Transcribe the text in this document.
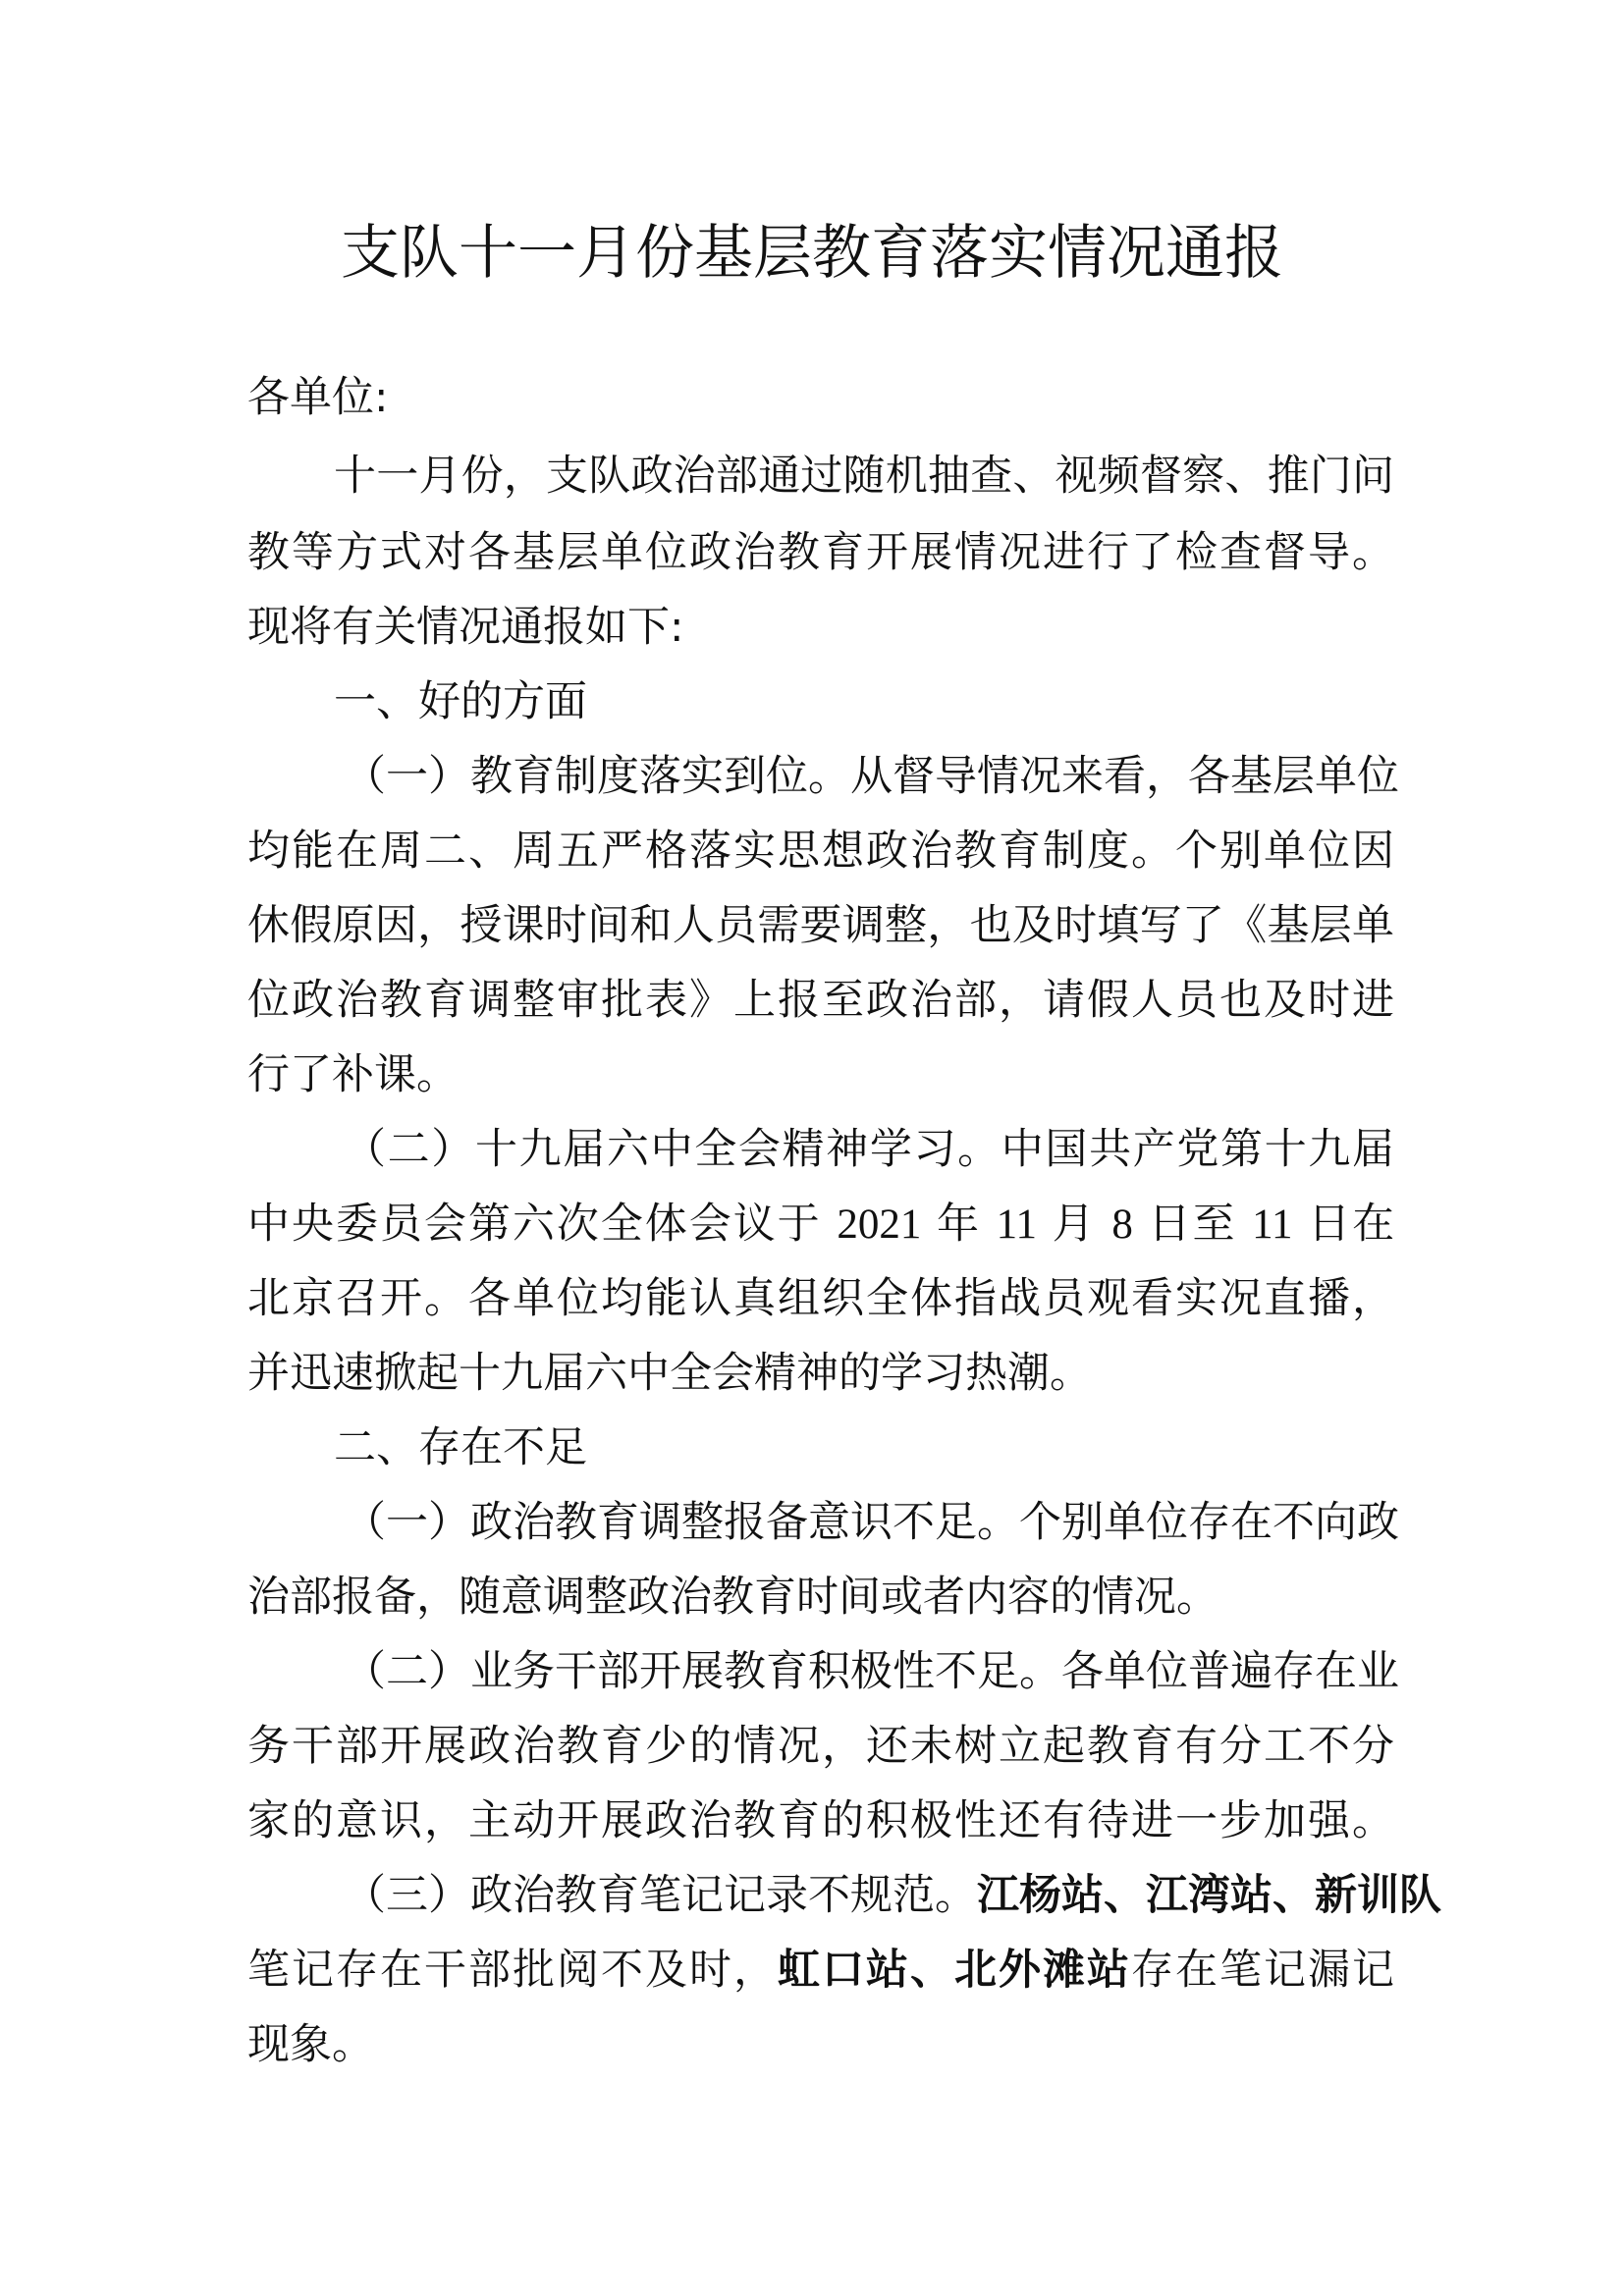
支队十一月份基层教育落实情况通报
各单位:
十一月份，支队政治部通过随机抽查、视频督察、推门问
教等方式对各基层单位政治教育开展情况进行了检查督导。
现将有关情况通报如下:
一、好的方面
（一）教育制度落实到位。从督导情况来看，各基层单位
均能在周二、周五严格落实思想政治教育制度。个别单位因
休假原因，授课时间和人员需要调整，也及时填写了《基层单
位政治教育调整审批表》上报至政治部，请假人员也及时进
行了补课。
（二）十九届六中全会精神学习。中国共产党第十九届
中央委员会第六次全体会议于 2021 年 11 月 8 日至 11 日在
北京召开。各单位均能认真组织全体指战员观看实况直播，
并迅速掀起十九届六中全会精神的学习热潮。
二、存在不足
（一）政治教育调整报备意识不足。个别单位存在不向政
治部报备，随意调整政治教育时间或者内容的情况。
（二）业务干部开展教育积极性不足。各单位普遍存在业
务干部开展政治教育少的情况，还未树立起教育有分工不分
家的意识，主动开展政治教育的积极性还有待进一步加强。
（三）政治教育笔记记录不规范。江杨站、江湾站、新训队
笔记存在干部批阅不及时，虹口站、北外滩站存在笔记漏记
现象。
